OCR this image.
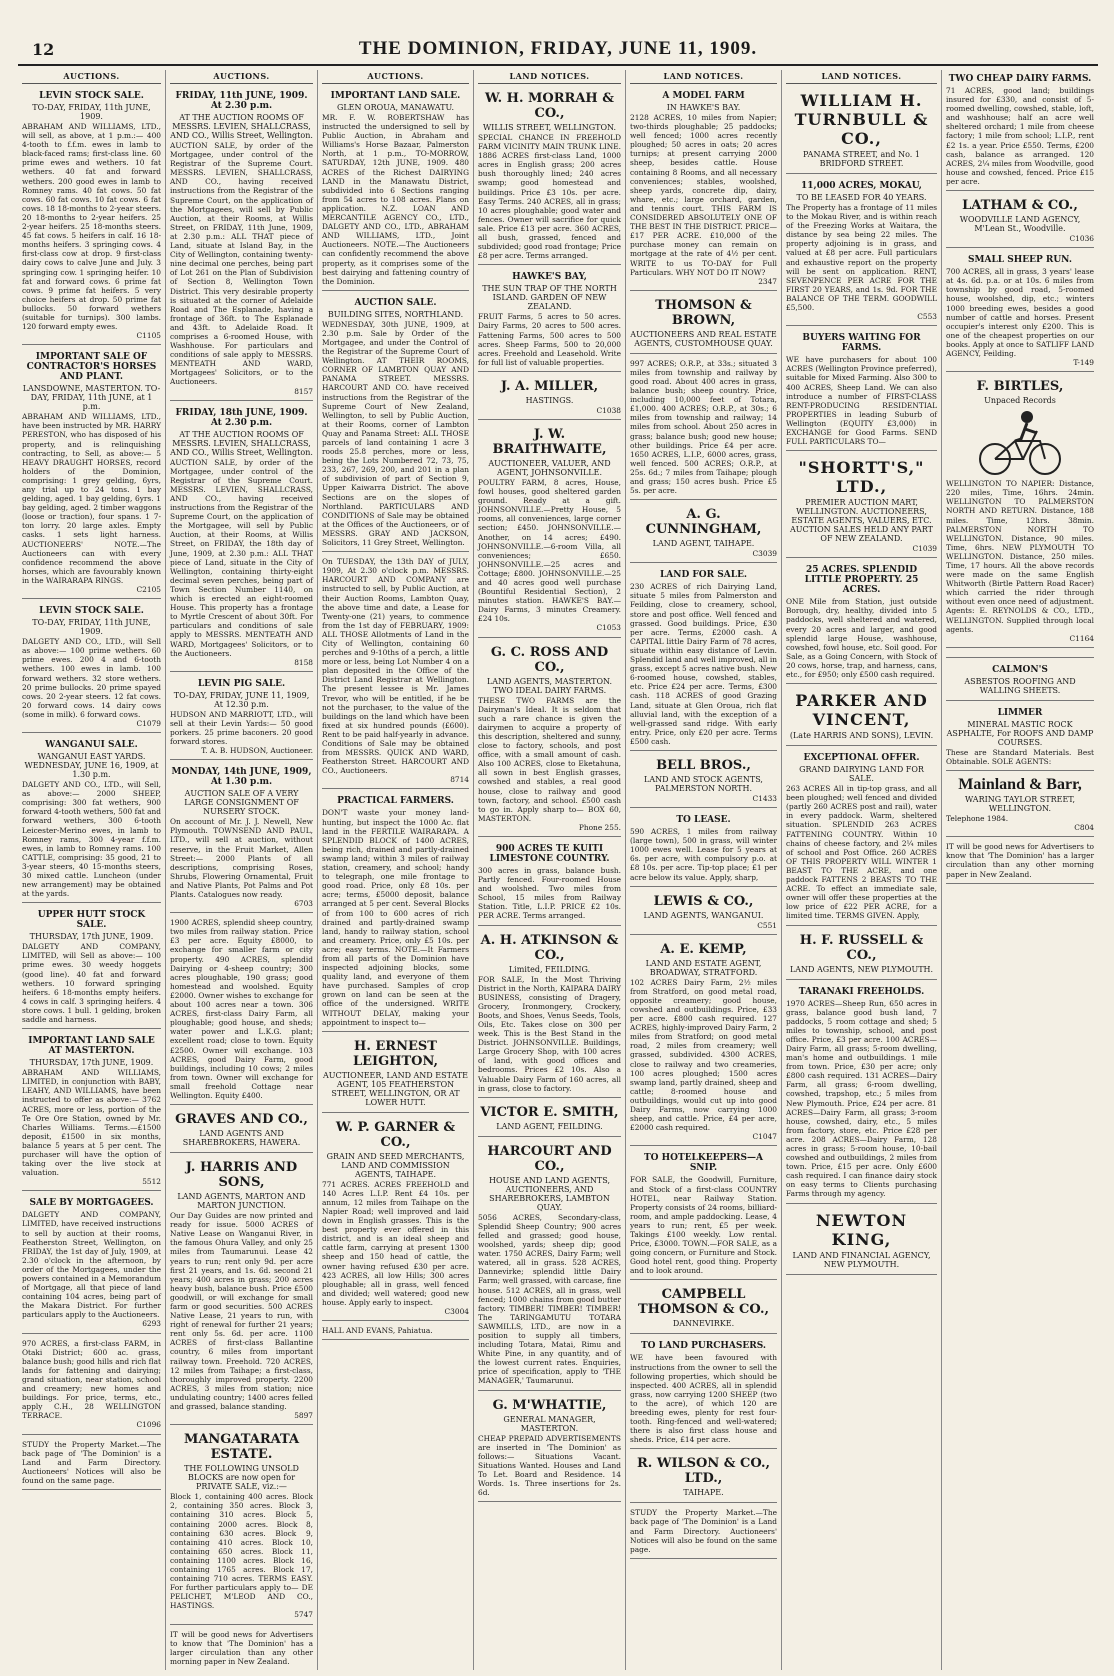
12	THE DOMINION, FRIDAY, JUNE 11, 1909.
AUCTIONS.
LEVIN STOCK SALE.
TO-DAY, FRIDAY, 11th JUNE, 1909.
ABRAHAM AND WILLIAMS, LTD., will sell, as above, at 1 p.m.:— 400 4-tooth to f.f.m. ewes in lamb to black-faced rams; first-class line. 60 prime ewes and wethers. 10 fat wethers. 40 fat and forward wethers. 200 good ewes in lamb to Romney rams. 40 fat cows. 50 fat cows. 60 fat cows. 10 fat cows. 6 fat cows. 18 18-months to 2-year steers. 20 18-months to 2-year heifers. 25 2-year heifers. 25 18-months steers. 45 fat cows. 5 heifers in calf. 16 18-months heifers. 3 springing cows. 4 first-class cow at drop. 9 first-class dairy cows to calve June and July. 3 springing cow. 1 springing heifer. 10 fat and forward cows. 6 prime fat cows. 9 prime fat heifers. 5 very choice heifers at drop. 50 prime fat bullocks. 50 forward wethers (suitable for turnips). 300 lambs. 120 forward empty ewes.
C1105
IMPORTANT SALE OF CONTRACTOR'S HORSES AND PLANT.
LANSDOWNE, MASTERTON. TO-DAY, FRIDAY, 11th JUNE, at 1 p.m.
ABRAHAM AND WILLIAMS, LTD., have been instructed by MR. HARRY PERESTON, who has disposed of his property, and is relinquishing contracting, to Sell, as above:— 5 HEAVY DRAUGHT HORSES, record holders of the Dominion, comprising: 1 grey gelding, 6yrs, any trial up to 24 tons. 1 bay gelding, aged. 1 bay gelding, 6yrs. 1 bay gelding, aged. 2 timber waggons (loose or traction), four spans. 1 7-ton lorry. 20 large axles. Empty casks. 1 sets light harness. AUCTIONEERS' NOTE.—The Auctioneers can with every confidence recommend the above horses, which are favourably known in the WAIRARAPA RINGS.
C2105
LEVIN STOCK SALE.
TO-DAY, FRIDAY, 11th JUNE, 1909.
DALGETY AND CO., LTD., will Sell as above:— 100 prime wethers. 60 prime ewes. 200 4 and 6-tooth wethers. 100 ewes in lamb. 100 forward wethers. 32 store wethers. 20 prime bullocks. 20 prime spayed cows. 20 2-year steers. 12 fat cows. 20 forward cows. 14 dairy cows (some in milk). 6 forward cows.
C1079
WANGANUI SALE.
WANGANUI EAST YARDS. WEDNESDAY, JUNE 16, 1909, at 1.30 p.m.
DALGETY AND CO., LTD., will Sell, as above:— 2000 SHEEP, comprising: 300 fat wethers, 900 forward 4-tooth wethers, 500 fat and forward wethers, 300 6-tooth Leicester-Merino ewes, in lamb to Romney rams, 300 4-year f.f.m. ewes, in lamb to Romney rams. 100 CATTLE, comprising: 35 good, 21 to 3-year steers, 40 15-months steers, 30 mixed cattle. Luncheon (under new arrangement) may be obtained at the yards.
UPPER HUTT STOCK SALE.
THURSDAY, 17th JUNE, 1909.
DALGETY AND COMPANY, LIMITED, will Sell as above:— 100 prime ewes. 30 weedy hoggets (good line). 40 fat and forward wethers. 10 forward springing heifers. 6 18-months empty heifers. 4 cows in calf. 3 springing heifers. 4 store cows. 1 bull. 1 gelding, broken saddle and harness.
IMPORTANT LAND SALE AT MASTERTON.
THURSDAY, 17th JUNE, 1909.
ABRAHAM AND WILLIAMS, LIMITED, in conjunction with BABY, LEAHY, AND WILLIAMS, have been instructed to offer as above:— 3762 ACRES, more or less, portion of the Te Ore Ore Station, owned by Mr. Charles Williams. Terms.—£1500 deposit, £1500 in six months, balance 5 years at 5 per cent. The purchaser will have the option of taking over the live stock at valuation.
5512
SALE BY MORTGAGEES.
DALGETY AND COMPANY, LIMITED, have received instructions to sell by auction at their rooms, Featherston Street, Wellington, on FRIDAY, the 1st day of July, 1909, at 2.30 o'clock in the afternoon, by order of the Mortgagees, under the powers contained in a Memorandum of Mortgage, all that piece of land containing 104 acres, being part of the Makara District. For further particulars apply to the Auctioneers.
6293
970 ACRES, a first-class FARM, in Otaki District; 600 ac. grass, balance bush; good hills and rich flat lands for fattening and dairying; grand situation, near station, school and creamery; new homes and buildings. For price, terms, etc., apply C.H., 28 WELLINGTON TERRACE.
C1096
STUDY the Property Market.—The back page of 'The Dominion' is a Land and Farm Directory. Auctioneers' Notices will also be found on the same page.
AUCTIONS.
FRIDAY, 11th JUNE, 1909. At 2.30 p.m.
AT THE AUCTION ROOMS OF MESSRS. LEVIEN, SHALLCRASS, AND CO., Willis Street, Wellington.
AUCTION SALE, by order of the Mortgagee, under control of the Registrar of the Supreme Court. MESSRS. LEVIEN, SHALLCRASS, AND CO., having received instructions from the Registrar of the Supreme Court, on the application of the Mortgagees, will sell by Public Auction, at their Rooms, at Willis Street, on FRIDAY, 11th June, 1909, at 2.30 p.m.: ALL THAT piece of Land, situate at Island Bay, in the City of Wellington, containing twenty-nine decimal one perches, being part of Lot 261 on the Plan of Subdivision of Section 8, Wellington Town District. This very desirable property is situated at the corner of Adelaide Road and The Esplanade, having a frontage of 36ft. to The Esplanade and 43ft. to Adelaide Road. It comprises a 6-roomed House, with Washhouse. For particulars and conditions of sale apply to MESSRS. MENTEATH AND WARD, Mortgagees' Solicitors, or to the Auctioneers.
8157
FRIDAY, 18th JUNE, 1909. At 2.30 p.m.
AT THE AUCTION ROOMS OF MESSRS. LEVIEN, SHALLCRASS, AND CO., Willis Street, Wellington.
AUCTION SALE, by order of the Mortgagee, under control of the Registrar of the Supreme Court. MESSRS. LEVIEN, SHALLCRASS, AND CO., having received instructions from the Registrar of the Supreme Court, on the application of the Mortgagee, will sell by Public Auction, at their Rooms, at Willis Street, on FRIDAY, the 18th day of June, 1909, at 2.30 p.m.: ALL THAT piece of Land, situate in the City of Wellington, containing thirty-eight decimal seven perches, being part of Town Section Number 1140, on which is erected an eight-roomed House. This property has a frontage to Myrtle Crescent of about 30ft. For particulars and conditions of sale apply to MESSRS. MENTEATH AND WARD, Mortgagees' Solicitors, or to the Auctioneers.
8158
LEVIN PIG SALE.
TO-DAY, FRIDAY, JUNE 11, 1909, At 12.30 p.m.
HUDSON AND MARRIOTT, LTD., will sell at their Levin Yards:— 50 good porkers. 25 prime baconers. 20 good forward stores.
T. A. B. HUDSON, Auctioneer.
MONDAY, 14th JUNE, 1909, At 1.30 p.m.
AUCTION SALE OF A VERY LARGE CONSIGNMENT OF NURSERY STOCK.
On account of Mr. J. J. Newell, New Plymouth. TOWNSEND AND PAUL, LTD., will sell at auction, without reserve, in the Fruit Market, Allen Street:— 2000 Plants of all descriptions, comprising Roses, Shrubs, Flowering Ornamental, Fruit and Native Plants, Pot Palms and Pot Plants. Catalogues now ready.
6703
1900 ACRES, splendid sheep country, two miles from railway station. Price £3 per acre. Equity £8000, to exchange for smaller farm or city property. 490 ACRES, splendid Dairying or 4-sheep country; 300 acres ploughable, 190 grass; good homestead and woolshed. Equity £2000. Owner wishes to exchange for about 100 acres near a town. 306 ACRES, first-class Dairy Farm, all ploughable; good house, and sheds; water power and L.K.G. plant; excellent road; close to town. Equity £2500. Owner will exchange. 103 ACRES, good Dairy Farm, good buildings, including 10 cows; 2 miles from town. Owner will exchange for small freehold Cottage near Wellington. Equity £400.
GRAVES AND CO.,
LAND AGENTS AND SHAREBROKERS, HAWERA.
J. HARRIS AND SONS,
LAND AGENTS, MARTON AND MARTON JUNCTION.
Our Day Guides are now printed and ready for issue. 5000 ACRES of Native Lease on Wanganui River, in the famous Ohura Valley, and only 25 miles from Taumarunui. Lease 42 years to run; rent only 9d. per acre first 21 years, and 1s. 6d. second 21 years; 400 acres in grass; 200 acres heavy bush, balance bush. Price £500 goodwill, or will exchange for small farm or good securities. 500 ACRES Native Lease, 21 years to run, with right of renewal for further 21 years; rent only 5s. 6d. per acre. 1100 ACRES of first-class Ballantine country, 6 miles from important railway town. Freehold. 720 ACRES, 12 miles from Taihape; a first-class, thoroughly improved property. 2200 ACRES, 3 miles from station; nice undulating country; 1400 acres felled and grassed, balance standing.
5897
MANGATARATA ESTATE.
THE FOLLOWING UNSOLD BLOCKS are now open for PRIVATE SALE, viz.:—
Block 1, containing 400 acres. Block 2, containing 350 acres. Block 3, containing 310 acres. Block 5, containing 2000 acres. Block 8, containing 630 acres. Block 9, containing 410 acres. Block 10, containing 650 acres. Block 11, containing 1100 acres. Block 16, containing 1765 acres. Block 17, containing 710 acres. TERMS EASY. For further particulars apply to— DE PELICHET, M'LEOD AND CO., HASTINGS.
5747
IT will be good news for Advertisers to know that 'The Dominion' has a larger circulation than any other morning paper in New Zealand.
AUCTIONS.
IMPORTANT LAND SALE.
GLEN OROUA, MANAWATU.
MR. F. W. ROBERTSHAW has instructed the undersigned to sell by Public Auction, in Abraham and Williams's Horse Bazaar, Palmerston North, at 1 p.m., TO-MORROW, SATURDAY, 12th JUNE, 1909. 480 ACRES of the Richest DAIRYING LAND in the Manawatu District, subdivided into 6 Sections ranging from 54 acres to 108 acres. Plans on application. N.Z. LOAN AND MERCANTILE AGENCY CO., LTD., DALGETY AND CO., LTD., ABRAHAM AND WILLIAMS, LTD., Joint Auctioneers. NOTE.—The Auctioneers can confidently recommend the above property, as it comprises some of the best dairying and fattening country of the Dominion.
AUCTION SALE.
BUILDING SITES, NORTHLAND.
WEDNESDAY, 30th JUNE, 1909, at 2.30 p.m. Sale by Order of the Mortgagee, and under the Control of the Registrar of the Supreme Court of Wellington. AT THEIR ROOMS, CORNER OF LAMBTON QUAY AND PANAMA STREET. MESSRS. HARCOURT AND CO. have received instructions from the Registrar of the Supreme Court of New Zealand, Wellington, to sell by Public Auction, at their Rooms, corner of Lambton Quay and Panama Street: ALL THOSE parcels of land containing 1 acre 3 roods 25.8 perches, more or less, being the Lots Numbered 72, 73, 75, 233, 267, 269, 200, and 201 in a plan of subdivision of part of Section 9, Upper Kaiwarra District. The above Sections are on the slopes of Northland. PARTICULARS AND CONDITIONS of Sale may be obtained at the Offices of the Auctioneers, or of MESSRS. GRAY AND JACKSON, Solicitors, 11 Grey Street, Wellington.
On TUESDAY, the 13th DAY of JULY, 1909, At 2.30 o'clock p.m. MESSRS. HARCOURT AND COMPANY are instructed to sell, by Public Auction, at their Auction Rooms, Lambton Quay, the above time and date, a Lease for Twenty-one (21) years, to commence from the 1st day of FEBRUARY, 1909: ALL THOSE Allotments of Land in the City of Wellington, containing 60 perches and 9-10ths of a perch, a little more or less, being Lot Number 4 on a plan deposited in the Office of the District Land Registrar at Wellington. The present lessee is Mr. James Trevor, who will be entitled, if he be not the purchaser, to the value of the buildings on the land which have been fixed at six hundred pounds (£600). Rent to be paid half-yearly in advance. Conditions of Sale may be obtained from MESSRS. QUICK AND WARD, Featherston Street. HARCOURT AND CO., Auctioneers.
8714
PRACTICAL FARMERS.
DON'T waste your money land-hunting, but inspect the 1000 Ac. flat land in the FERTILE WAIRARAPA. A SPLENDID BLOCK of 1400 ACRES, being rich, drained and partly-drained swamp land; within 3 miles of railway station, creamery, and school; handy to telegraph, one mile frontage to good road. Price, only £8 10s. per acre; terms, £5000 deposit, balance arranged at 5 per cent. Several Blocks of from 100 to 600 acres of rich drained and partly-drained swamp land, handy to railway station, school and creamery. Price, only £5 10s. per acre; easy terms. NOTE.—It Farmers from all parts of the Dominion have inspected adjoining blocks, some quality land, and everyone of them have purchased. Samples of crop grown on land can be seen at the office of the undersigned. WRITE WITHOUT DELAY, making your appointment to inspect to—
H. ERNEST LEIGHTON,
AUCTIONEER, LAND AND ESTATE AGENT, 105 FEATHERSTON STREET, WELLINGTON, OR AT LOWER HUTT.
W. P. GARNER & CO.,
GRAIN AND SEED MERCHANTS, LAND AND COMMISSION AGENTS, TAIHAPE.
771 ACRES. ACRES FREEHOLD and 140 Acres L.I.P. Rent £4 10s. per annum, 12 miles from Taihape on the Napier Road; well improved and laid down in English grasses. This is the best property ever offered in this district, and is an ideal sheep and cattle farm, carrying at present 1300 sheep and 150 head of cattle, the owner having refused £30 per acre. 423 ACRES, all low Hills; 300 acres ploughable; all in grass, well fenced and divided; well watered; good new house. Apply early to inspect.
C3004
HALL AND EVANS, Pahiatua.
LAND NOTICES.
W. H. MORRAH & CO.,
WILLIS STREET, WELLINGTON.
SPECIAL CHANCE IN FREEHOLD FARM VICINITY MAIN TRUNK LINE. 1886 ACRES first-class Land, 1000 acres in English grass; 200 acres bush thoroughly lined; 240 acres swamp; good homestead and buildings. Price £3 10s. per acre. Easy Terms. 240 ACRES, all in grass; 10 acres ploughable; good water and fences. Owner will sacrifice for quick sale. Price £13 per acre. 360 ACRES, all bush, grassed, fenced and subdivided; good road frontage; Price £8 per acre. Terms arranged.
HAWKE'S BAY,
THE SUN TRAP OF THE NORTH ISLAND. GARDEN OF NEW ZEALAND.
FRUIT Farms, 5 acres to 50 acres. Dairy Farms, 20 acres to 500 acres. Fattening Farms, 500 acres to 500 acres. Sheep Farms, 500 to 20,000 acres. Freehold and Leasehold. Write for full list of valuable properties.
J. A. MILLER,
HASTINGS.
C1038
J. W. BRAITHWAITE,
AUCTIONEER, VALUER, AND AGENT, JOHNSONVILLE.
POULTRY FARM, 8 acres, House, fowl houses, good sheltered garden ground. Ready at a gift. JOHNSONVILLE.—Pretty House, 5 rooms, all conveniences, large corner section; £450. JOHNSONVILLE.—Another, on 14 acres; £490. JOHNSONVILLE.—6-room Villa, all conveniences; £650. JOHNSONVILLE.—25 acres and Cottage; £800. JOHNSONVILLE.—25 and 40 acres good well purchase (Bountiful Residential Section), 2 minutes station. HAWKE'S BAY.—Dairy Farms, 3 minutes Creamery. £24 10s.
C1053
G. C. ROSS AND CO.,
LAND AGENTS, MASTERTON. TWO IDEAL DAIRY FARMS.
THESE TWO FARMS are the Dairyman's Ideal. It is seldom that such a rare chance is given the dairymen to acquire a property of this description, sheltered and sunny, close to factory, schools, and post office, with a small amount of cash. Also 100 ACRES, close to Eketahuna, all sown in best English grasses, cowshed and stables, a real good house, close to railway and good town, factory, and school. £500 cash to go in. Apply sharp to— BOX 60, MASTERTON.
Phone 255.
900 ACRES TE KUITI LIMESTONE COUNTRY.
300 acres in grass, balance bush. Partly fenced. Four-roomed House and woolshed. Two miles from School, 15 miles from Railway Station. Title, L.I.P. PRICE £2 10s. PER ACRE. Terms arranged.
A. H. ATKINSON & CO.,
Limited, FEILDING.
FOR SALE, In the Most Thriving District in the North, KAIPARA DAIRY BUSINESS, consisting of Dragery, Grocery, Ironmongery, Crockery, Boots, and Shoes, Venus Seeds, Tools, Oils, Etc. Takes close on 300 per week. This is the Best Stand in the District. JOHNSONVILLE. Buildings, Large Grocery Shop, with 100 acres of land, with good offices and bedrooms. Prices £2 10s. Also a Valuable Dairy Farm of 160 acres, all in grass, close to factory.
VICTOR E. SMITH,
LAND AGENT, FEILDING.
HARCOURT AND CO.,
HOUSE AND LAND AGENTS, AUCTIONEERS, AND SHAREBROKERS, LAMBTON QUAY.
5056 ACRES, Secondary-class, Splendid Sheep Country; 900 acres felled and grassed; good house, woolshed, yards; sheep dip; good water. 1750 ACRES, Dairy Farm; well watered, all in grass. 528 ACRES, Dannevirke; splendid little Dairy Farm; well grassed, with carcase, fine house. 512 ACRES, all in grass, well fenced; 1000 chains from good butter factory. TIMBER! TIMBER! TIMBER! The TARINGAMUTU TOTARA SAWMILLS, LTD., are now in a position to supply all timbers, including Totara, Matai, Rimu and White Pine, in any quantity, and of the lowest current rates. Enquiries, price of specification, apply to 'THE MANAGER,' Taumarunui.
G. M'WHATTIE,
GENERAL MANAGER, MASTERTON.
CHEAP PREPAID ADVERTISEMENTS are inserted in 'The Dominion' as follows:— Situations Vacant. Situations Wanted. Houses and Land To Let. Board and Residence. 14 Words. 1s. Three insertions for 2s. 6d.
LAND NOTICES.
A MODEL FARM
IN HAWKE'S BAY.
2128 ACRES, 10 miles from Napier; two-thirds ploughable; 25 paddocks; well fenced; 1000 acres recently ploughed; 50 acres in oats; 20 acres turnips; at present carrying 2000 sheep, besides cattle. House containing 8 Rooms, and all necessary conveniences; stables, woolshed, sheep yards, concrete dip, dairy, whare, etc.; large orchard, garden, and tennis court. THIS FARM IS CONSIDERED ABSOLUTELY ONE OF THE BEST IN THE DISTRICT. PRICE—£17 PER ACRE. £10,000 of the purchase money can remain on mortgage at the rate of 4½ per cent. WRITE to us TO-DAY for Full Particulars. WHY NOT DO IT NOW?
2347
THOMSON & BROWN,
AUCTIONEERS AND REAL ESTATE AGENTS, CUSTOMHOUSE QUAY.
997 ACRES; O.R.P., at 33s.; situated 3 miles from township and railway by good road. About 400 acres in grass, balance bush; sheep country. Price, including 10,000 feet of Totara, £1,000. 400 ACRES; O.R.P., at 30s.; 6 miles from township and railway; 14 miles from school. About 250 acres in grass; balance bush; good new house; other buildings. Price £4 per acre. 1650 ACRES, L.I.P., 6000 acres, grass, well fenced. 500 ACRES; O.R.P., at 25s. 6d.; 7 miles from Taihape; plough and grass; 150 acres bush. Price £5 5s. per acre.
A. G. CUNNINGHAM,
LAND AGENT, TAIHAPE.
C3039
LAND FOR SALE.
230 ACRES of rich Dairying Land, situate 5 miles from Palmerston and Feilding, close to creamery, school, store and post office. Well fenced and grassed. Good buildings. Price, £30 per acre. Terms, £2000 cash. A CAPITAL little Dairy Farm of 78 acres, situate within easy distance of Levin. Splendid land and well improved, all in grass, except 5 acres native bush. New 6-roomed house, cowshed, stables, etc. Price £24 per acre. Terms, £300 cash. 118 ACRES of good Grazing Land, situate at Glen Oroua, rich flat alluvial land, with the exception of a well-grassed sand ridge. With early entry. Price, only £20 per acre. Terms £500 cash.
BELL BROS.,
LAND AND STOCK AGENTS, PALMERSTON NORTH.
C1433
TO LEASE.
590 ACRES, 1 miles from railway (large town), 500 in grass, will winter 1000 ewes well. Lease for 5 years at 6s. per acre, with compulsory p.o. at £8 10s. per acre. Tip-top place; £1 per acre below its value. Apply, sharp,
LEWIS & CO.,
LAND AGENTS, WANGANUI.
C551
A. E. KEMP,
LAND AND ESTATE AGENT, BROADWAY, STRATFORD.
102 ACRES Dairy Farm, 2½ miles from Stratford, on good metal road, opposite creamery; good house, cowshed and outbuildings. Price, £33 per acre. £800 cash required. 127 ACRES, highly-improved Dairy Farm, 2 miles from Stratford; on good metal road, 2 miles from creamery; well grassed, subdivided. 4300 ACRES, close to railway and two creameries, 100 acres ploughed; 1500 acres swamp land, partly drained, sheep and cattle; 8-roomed house and outbuildings, would cut up into good Dairy Farms, now carrying 1000 sheep, and cattle. Price, £4 per acre, £2000 cash required.
C1047
TO HOTELKEEPERS—A SNIP.
FOR SALE, the Goodwill, Furniture, and Stock of a first-class COUNTRY HOTEL, near Railway Station. Property consists of 24 rooms, billiard-room, and ample paddocking. Lease, 4 years to run; rent, £5 per week. Takings £100 weekly. Low rental. Price, £3000. TOWN.—FOR SALE, as a going concern, or Furniture and Stock. Good hotel rent, good thing. Property and to look around.
CAMPBELL THOMSON & CO.,
DANNEVIRKE.
TO LAND PURCHASERS.
WE have been favoured with instructions from the owner to sell the following properties, which should be inspected. 400 ACRES, all in splendid grass, now carrying 1200 SHEEP (two to the acre), of which 120 are breeding ewes, plenty for rest four-tooth. Ring-fenced and well-watered; there is also first class house and sheds. Price, £14 per acre.
R. WILSON & CO., LTD.,
TAIHAPE.
STUDY the Property Market.—The back page of 'The Dominion' is a Land and Farm Directory. Auctioneers' Notices will also be found on the same page.
LAND NOTICES.
WILLIAM H. TURNBULL & CO.,
PANAMA STREET, and No. 1 BRIDFORD STREET.
11,000 ACRES, MOKAU,
TO BE LEASED FOR 40 YEARS.
The Property has a frontage of 11 miles to the Mokau River, and is within reach of the Freezing Works at Waitara, the distance by sea being 22 miles. The property adjoining is in grass, and valued at £8 per acre. Full particulars and exhaustive report on the property will be sent on application. RENT, SEVENPENCE PER ACRE FOR THE FIRST 20 YEARS, and 1s. 9d. FOR THE BALANCE OF THE TERM. GOODWILL £5,500.
C553
BUYERS WAITING FOR FARMS.
WE have purchasers for about 100 ACRES (Wellington Province preferred), suitable for Mixed Farming. Also 300 to 400 ACRES, Sheep Land. We can also introduce a number of FIRST-CLASS RENT-PRODUCING RESIDENTIAL PROPERTIES in leading Suburb of Wellington (EQUITY £3,000) in EXCHANGE for Good Farms. SEND FULL PARTICULARS TO—
"SHORTT'S," LTD.,
PREMIER AUCTION MART, WELLINGTON. AUCTIONEERS, ESTATE AGENTS, VALUERS, ETC. AUCTION SALES HELD ANY PART OF NEW ZEALAND.
C1039
25 ACRES. SPLENDID LITTLE PROPERTY. 25 ACRES.
ONE Mile from Station, just outside Borough, dry, healthy, divided into 5 paddocks, well sheltered and watered, every 20 acres and larger, and good splendid large House, washhouse, cowshed, fowl house, etc. Soil good. For Sale, as a Going Concern, with Stock of 20 cows, horse, trap, and harness, cans, etc., for £950; only £500 cash required.
PARKER AND VINCENT,
(Late HARRIS AND SONS), LEVIN.
EXCEPTIONAL OFFER.
GRAND DAIRYING LAND FOR SALE.
263 ACRES All in tip-top grass, and all been ploughed; well fenced and divided (partly 260 ACRES post and rail), water in every paddock. Warm, sheltered situation. SPLENDID 263 ACRES FATTENING COUNTRY. Within 10 chains of cheese factory, and 2¼ miles of school and Post Office. 260 ACRES OF THIS PROPERTY WILL WINTER 1 BEAST TO THE ACRE, and one paddock FATTENS 2 BEASTS TO THE ACRE. To effect an immediate sale, owner will offer these properties at the low price of £22 PER ACRE, for a limited time. TERMS GIVEN. Apply,
H. F. RUSSELL & CO.,
LAND AGENTS, NEW PLYMOUTH.
TARANAKI FREEHOLDS.
1970 ACRES—Sheep Run, 650 acres in grass, balance good bush land, 7 paddocks, 5 room cottage and shed; 5 miles to township, school, and post office. Price, £3 per acre. 100 ACRES—Dairy Farm, all grass; 5-room dwelling, man's home and outbuildings. 1 mile from town. Price, £30 per acre; only £800 cash required. 131 ACRES—Dairy Farm, all grass; 6-room dwelling, cowshed, trapshop, etc.; 5 miles from New Plymouth. Price, £24 per acre. 81 ACRES—Dairy Farm, all grass; 3-room house, cowshed, dairy, etc., 5 miles from factory, store, etc. Price £28 per acre. 208 ACRES—Dairy Farm, 128 acres in grass; 5-room house, 10-bail cowshed and outbuildings, 2 miles from town. Price, £15 per acre. Only £600 cash required. I can finance dairy stock on easy terms to Clients purchasing Farms through my agency.
NEWTON KING,
LAND AND FINANCIAL AGENCY, NEW PLYMOUTH.
TWO CHEAP DAIRY FARMS.
71 ACRES, good land; buildings insured for £330, and consist of 5-roomed dwelling, cowshed, stable, loft, and washhouse; half an acre well sheltered orchard; 1 mile from cheese factory; 1 mile from school; L.I.P., rent £2 1s. a year. Price £550. Terms, £200 cash, balance as arranged. 120 ACRES, 2¼ miles from Woodville, good house and cowshed, fenced. Price £15 per acre.
LATHAM & CO.,
WOODVILLE LAND AGENCY, M'Lean St., Woodville.
C1036
SMALL SHEEP RUN.
700 ACRES, all in grass, 3 years' lease at 4s. 6d. p.a. or at 10s. 6 miles from township by good road, 5-roomed house, woolshed, dip, etc.; winters 1000 breeding ewes, besides a good number of cattle and horses. Present occupier's interest only £200. This is one of the cheapest properties on our books. Apply at once to SATLIFF LAND AGENCY, Feilding.
T-149
F. BIRTLES,
Unpaced Records
WELLINGTON TO NAPIER: Distance, 220 miles, Time, 16hrs. 24min. WELLINGTON TO PALMERSTON NORTH AND RETURN. Distance, 188 miles. Time, 12hrs. 38min. PALMERSTON NORTH TO WELLINGTON. Distance, 90 miles. Time, 6hrs. NEW PLYMOUTH TO WELLINGTON. Distance, 250 miles. Time, 17 hours. All the above records were made on the same English Whitworth (Birtle Pattern Road Racer) which carried the rider through without even once need of adjustment. Agents: E. REYNOLDS & CO., LTD., WELLINGTON. Supplied through local agents.
C1164
CALMON'S
ASBESTOS ROOFING AND WALLING SHEETS.
LIMMER
MINERAL MASTIC ROCK ASPHALTE, For ROOFS AND DAMP COURSES.
These are Standard Materials. Best Obtainable. SOLE AGENTS:
Mainland & Barr,
WARING TAYLOR STREET, WELLINGTON.
Telephone 1984.
C804
IT will be good news for Advertisers to know that 'The Dominion' has a larger circulation than any other morning paper in New Zealand.
